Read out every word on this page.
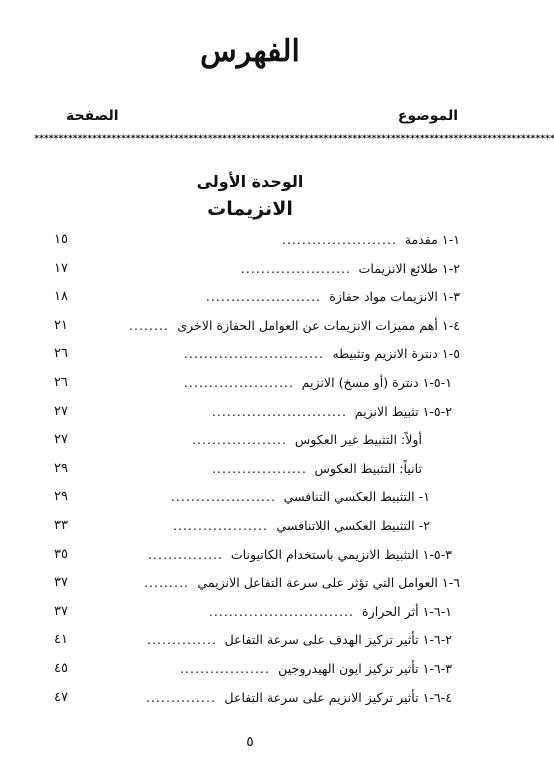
الفهرس
الموضوع
الصفحة
************************************************************************************************************
الوحدة الأولى
الانزيمات
١-١ مقدمة
.......................
١٥
٢-١ طلائع الانزيمات
......................
١٧
٣-١ الانزيمات مواد حفازة
.......................
١٨
٤-١ أهم مميزات الانزيمات عن العوامل الحفازة الاخرى
........
٢١
٥-١ دنترة الانزيم وتثبيطه
............................
٢٦
١-٥-١ دنترة (أو مسخ) الانزيم
......................
٢٦
٢-٥-١ تثبيط الانزيم
...........................
٢٧
أولاً: التثبيط غير العكوس
...................
٢٧
ثانياً: التثبيط العكوس
...................
٢٩
١- التثبيط العكسي التنافسي
.....................
٢٩
٢- التثبيط العكسي اللاتنافسي
...................
٣٣
٣-٥-١ التثبيط الانزيمي باستخدام الكاتيونات
...............
٣٥
٦-١ العوامل التي تؤثر على سرعة التفاعل الانزيمي
.........
٣٧
١-٦-١ أثر الحرارة
.............................
٣٧
٢-٦-١ تأثير تركيز الهدف على سرعة التفاعل
..............
٤١
٣-٦-١ تأثير تركيز ايون الهيدروجين
..................
٤٥
٤-٦-١ تأثير تركيز الانزيم على سرعة التفاعل
..............
٤٧
٥
